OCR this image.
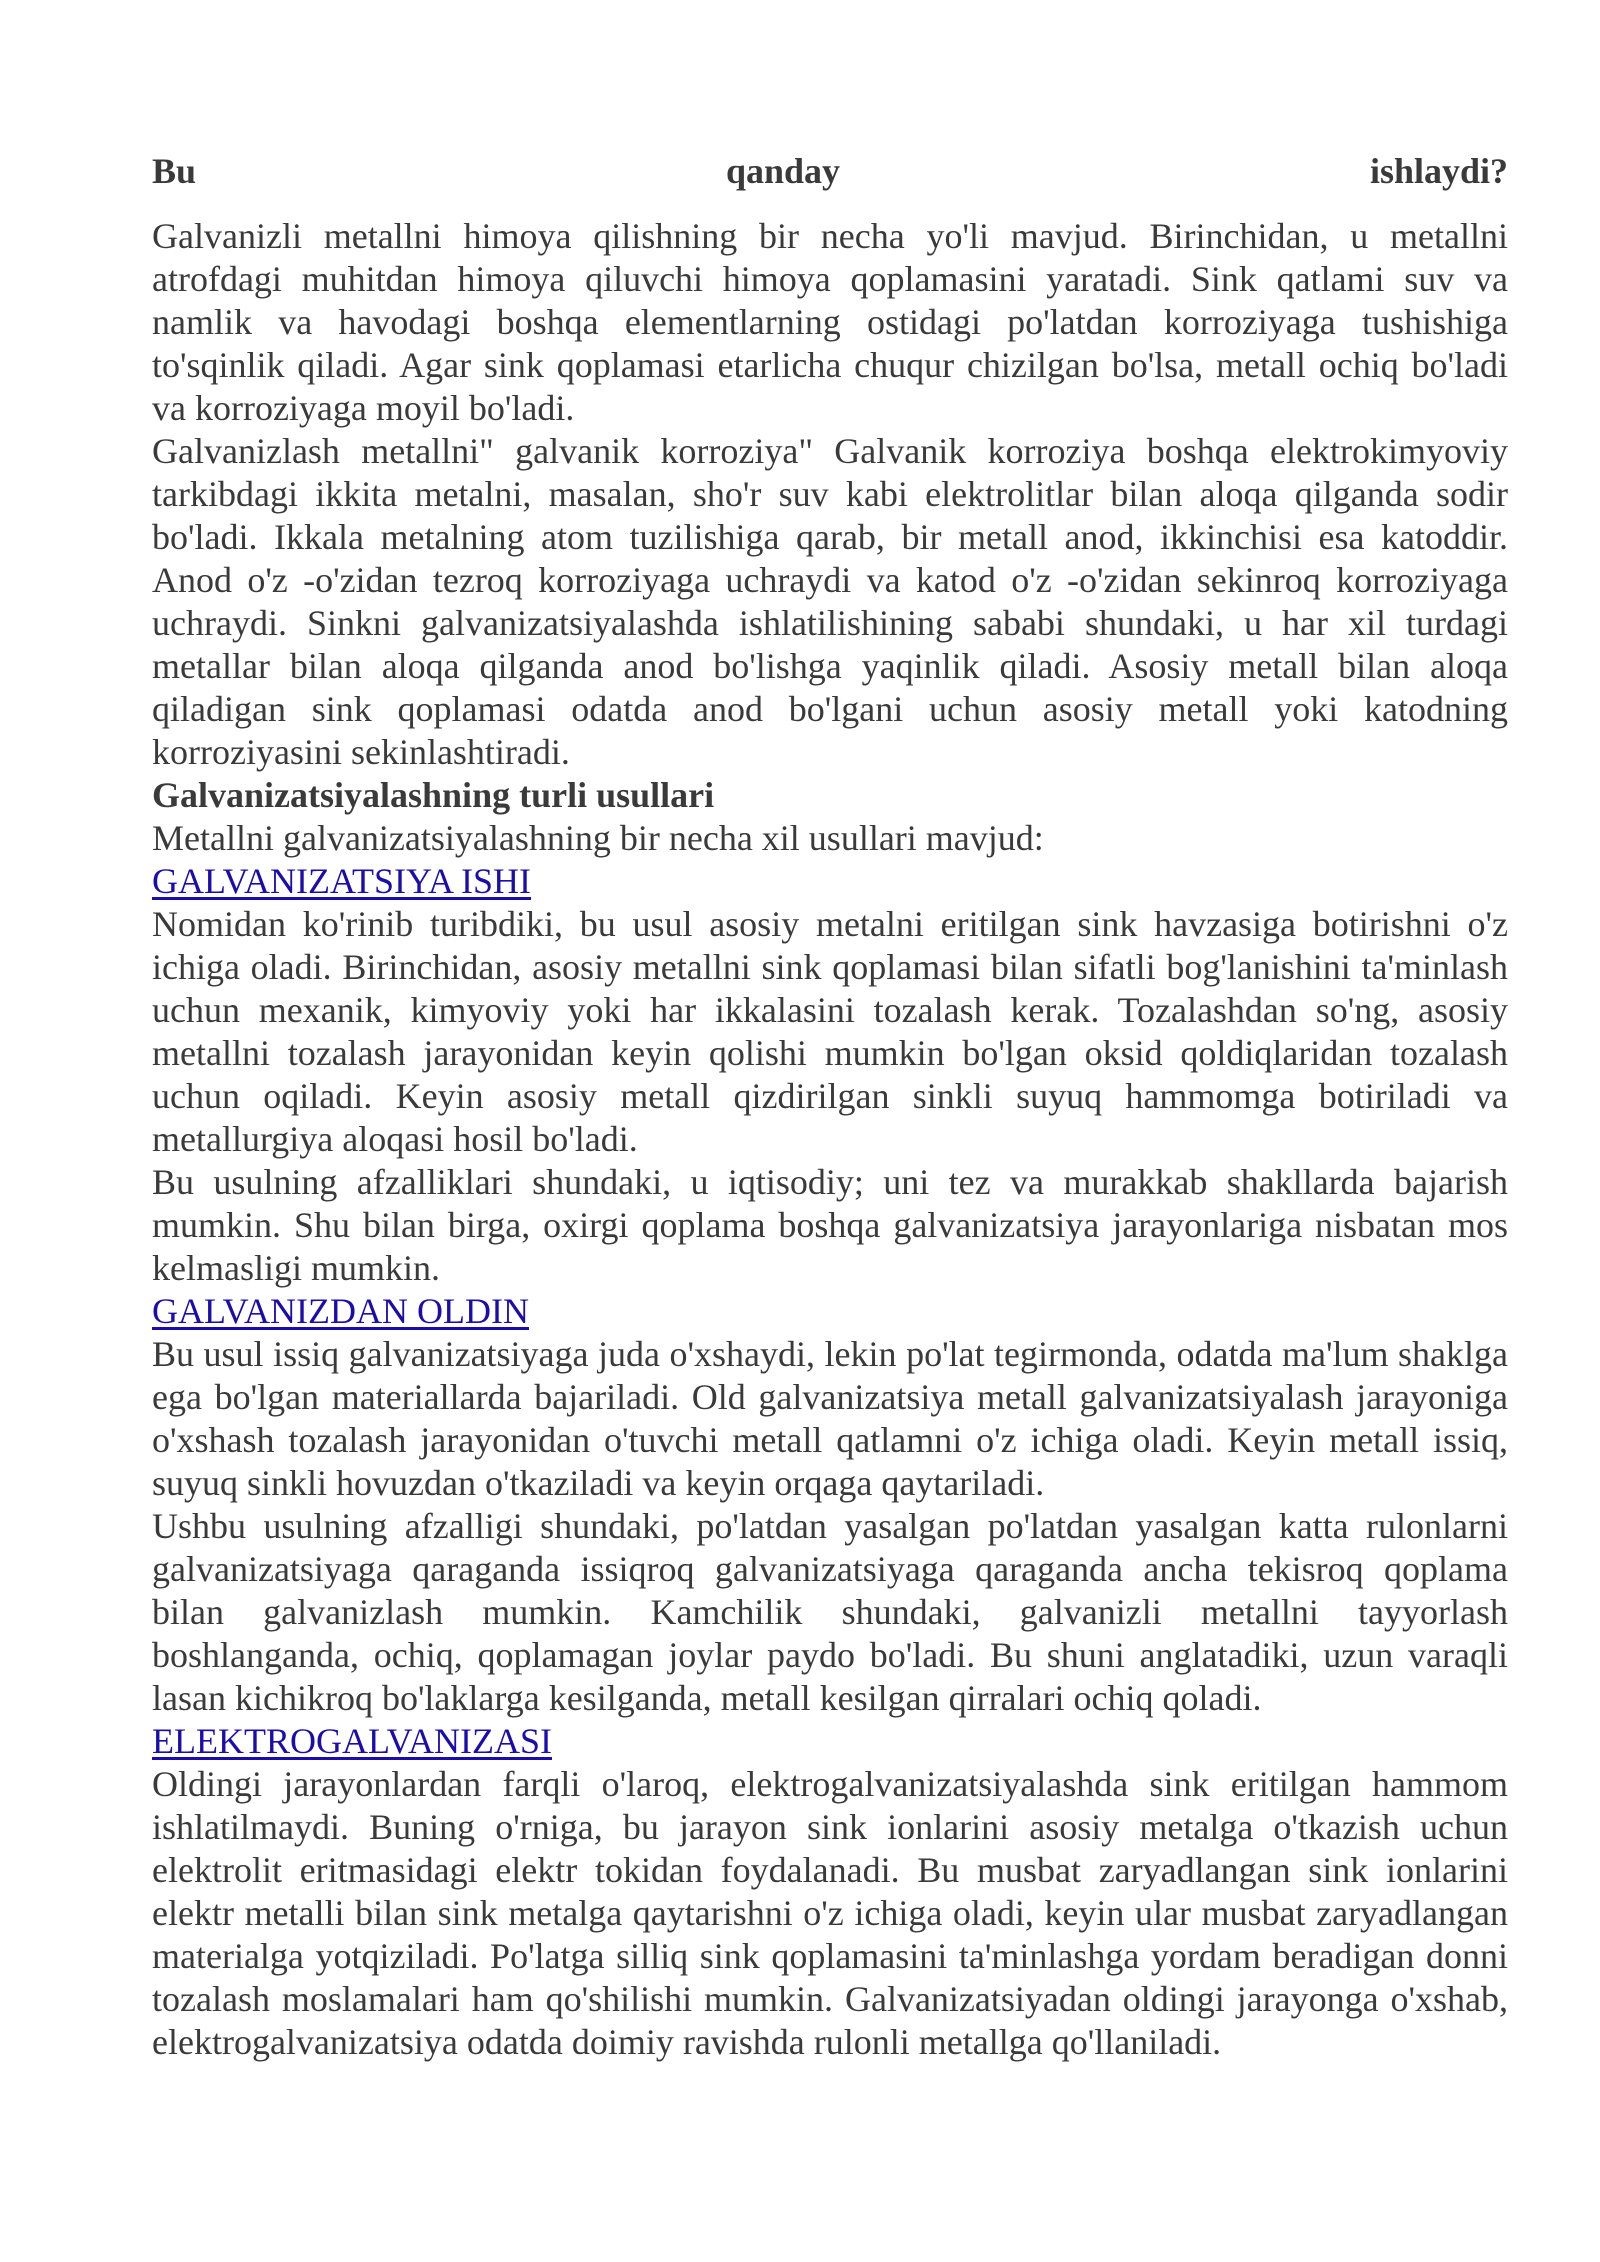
Bu	qanday	ishlaydi?

Galvanizli metallni himoya qilishning bir necha yo'li mavjud. Birinchidan, u metallni atrofdagi muhitdan himoya qiluvchi himoya qoplamasini yaratadi. Sink qatlami suv va namlik va havodagi boshqa elementlarning ostidagi po'latdan korroziyaga tushishiga to'sqinlik qiladi. Agar sink qoplamasi etarlicha chuqur chizilgan bo'lsa, metall ochiq bo'ladi va korroziyaga moyil bo'ladi.

Galvanizlash metallni" galvanik korroziya" Galvanik korroziya boshqa elektrokimyoviy tarkibdagi ikkita metalni, masalan, sho'r suv kabi elektrolitlar bilan aloqa qilganda sodir bo'ladi. Ikkala metalning atom tuzilishiga qarab, bir metall anod, ikkinchisi esa katoddir. Anod o'z -o'zidan tezroq korroziyaga uchraydi va katod o'z -o'zidan sekinroq korroziyaga uchraydi. Sinkni galvanizatsiyalashda ishlatilishining sababi shundaki, u har xil turdagi metallar bilan aloqa qilganda anod bo'lishga yaqinlik qiladi. Asosiy metall bilan aloqa qiladigan sink qoplamasi odatda anod bo'lgani uchun asosiy metall yoki katodning korroziyasini sekinlashtiradi.

Galvanizatsiyalashning turli usullari

Metallni galvanizatsiyalashning bir necha xil usullari mavjud:

GALVANIZATSIYA ISHI

Nomidan ko'rinib turibdiki, bu usul asosiy metalni eritilgan sink havzasiga botirishni o'z ichiga oladi. Birinchidan, asosiy metallni sink qoplamasi bilan sifatli bog'lanishini ta'minlash uchun mexanik, kimyoviy yoki har ikkalasini tozalash kerak. Tozalashdan so'ng, asosiy metallni tozalash jarayonidan keyin qolishi mumkin bo'lgan oksid qoldiqlaridan tozalash uchun oqiladi. Keyin asosiy metall qizdirilgan sinkli suyuq hammomga botiriladi va metallurgiya aloqasi hosil bo'ladi.

Bu usulning afzalliklari shundaki, u iqtisodiy; uni tez va murakkab shakllarda bajarish mumkin. Shu bilan birga, oxirgi qoplama boshqa galvanizatsiya jarayonlariga nisbatan mos kelmasligi mumkin.

GALVANIZDAN OLDIN

Bu usul issiq galvanizatsiyaga juda o'xshaydi, lekin po'lat tegirmonda, odatda ma'lum shaklga ega bo'lgan materiallarda bajariladi. Old galvanizatsiya metall galvanizatsiyalash jarayoniga o'xshash tozalash jarayonidan o'tuvchi metall qatlamni o'z ichiga oladi. Keyin metall issiq, suyuq sinkli hovuzdan o'tkaziladi va keyin orqaga qaytariladi.

Ushbu usulning afzalligi shundaki, po'latdan yasalgan po'latdan yasalgan katta rulonlarni galvanizatsiyaga qaraganda issiqroq galvanizatsiyaga qaraganda ancha tekisroq qoplama bilan galvanizlash mumkin. Kamchilik shundaki, galvanizli metallni tayyorlash boshlanganda, ochiq, qoplamagan joylar paydo bo'ladi. Bu shuni anglatadiki, uzun varaqli lasan kichikroq bo'laklarga kesilganda, metall kesilgan qirralari ochiq qoladi.

ELEKTROGALVANIZASI

Oldingi jarayonlardan farqli o'laroq, elektrogalvanizatsiyalashda sink eritilgan hammom ishlatilmaydi. Buning o'rniga, bu jarayon sink ionlarini asosiy metalga o'tkazish uchun elektrolit eritmasidagi elektr tokidan foydalanadi. Bu musbat zaryadlangan sink ionlarini elektr metalli bilan sink metalga qaytarishni o'z ichiga oladi, keyin ular musbat zaryadlangan materialga yotqiziladi. Po'latga silliq sink qoplamasini ta'minlashga yordam beradigan donni tozalash moslamalari ham qo'shilishi mumkin. Galvanizatsiyadan oldingi jarayonga o'xshab, elektrogalvanizatsiya odatda doimiy ravishda rulonli metallga qo'llaniladi.
